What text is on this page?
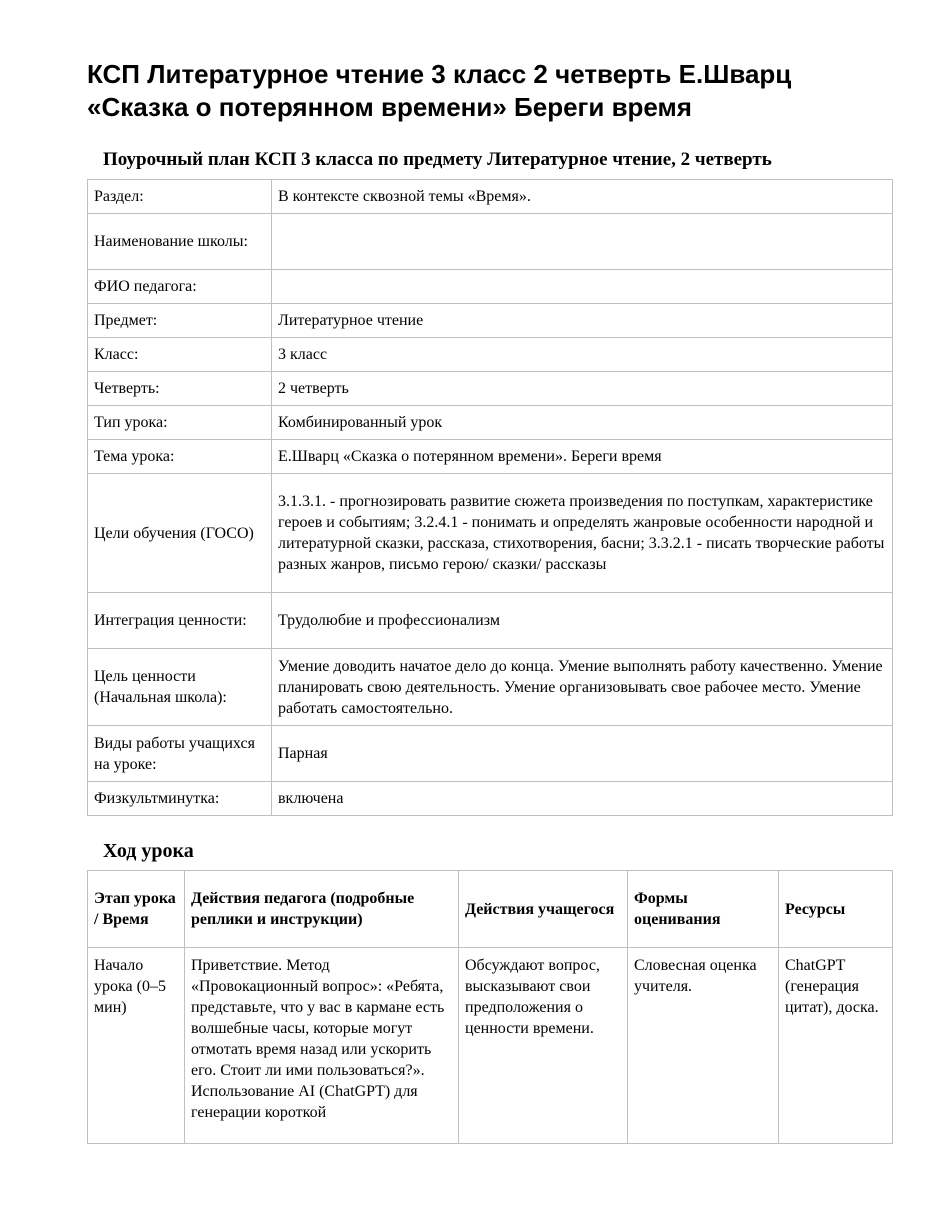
КСП Литературное чтение 3 класс 2 четверть Е.Шварц «Сказка о потерянном времени» Береги время
Поурочный план КСП 3 класса по предмету Литературное чтение, 2 четверть
Раздел:	В контексте сквозной темы «Время».
Наименование школы:	
ФИО педагога:	
Предмет:	Литературное чтение
Класс:	3 класс
Четверть:	2 четверть
Тип урока:	Комбинированный урок
Тема урока:	Е.Шварц «Сказка о потерянном времени». Береги время
Цели обучения (ГОСО)	3.1.3.1. - прогнозировать развитие сюжета произведения по поступкам, характеристике героев и событиям; 3.2.4.1 - понимать и определять жанровые особенности народной и литературной сказки, рассказа, стихотворения, басни; 3.3.2.1 - писать творческие работы разных жанров, письмо герою/ сказки/ рассказы
Интеграция ценности:	Трудолюбие и профессионализм
Цель ценности (Начальная школа):	Умение доводить начатое дело до конца. Умение выполнять работу качественно. Умение планировать свою деятельность. Умение организовывать свое рабочее место. Умение работать самостоятельно.
Виды работы учащихся на уроке:	Парная
Физкультминутка:	включена
Ход урока
Этап урока / Время	Действия педагога (подробные реплики и инструкции)	Действия учащегося	Формы оценивания	Ресурсы
Начало урока (0–5 мин)	Приветствие. Метод «Провокационный вопрос»: «Ребята, представьте, что у вас в кармане есть волшебные часы, которые могут отмотать время назад или ускорить его. Стоит ли ими пользоваться?». Использование AI (ChatGPT) для генерации короткой	Обсуждают вопрос, высказывают свои предположения о ценности времени.	Словесная оценка учителя.	ChatGPT (генерация цитат), доска.
